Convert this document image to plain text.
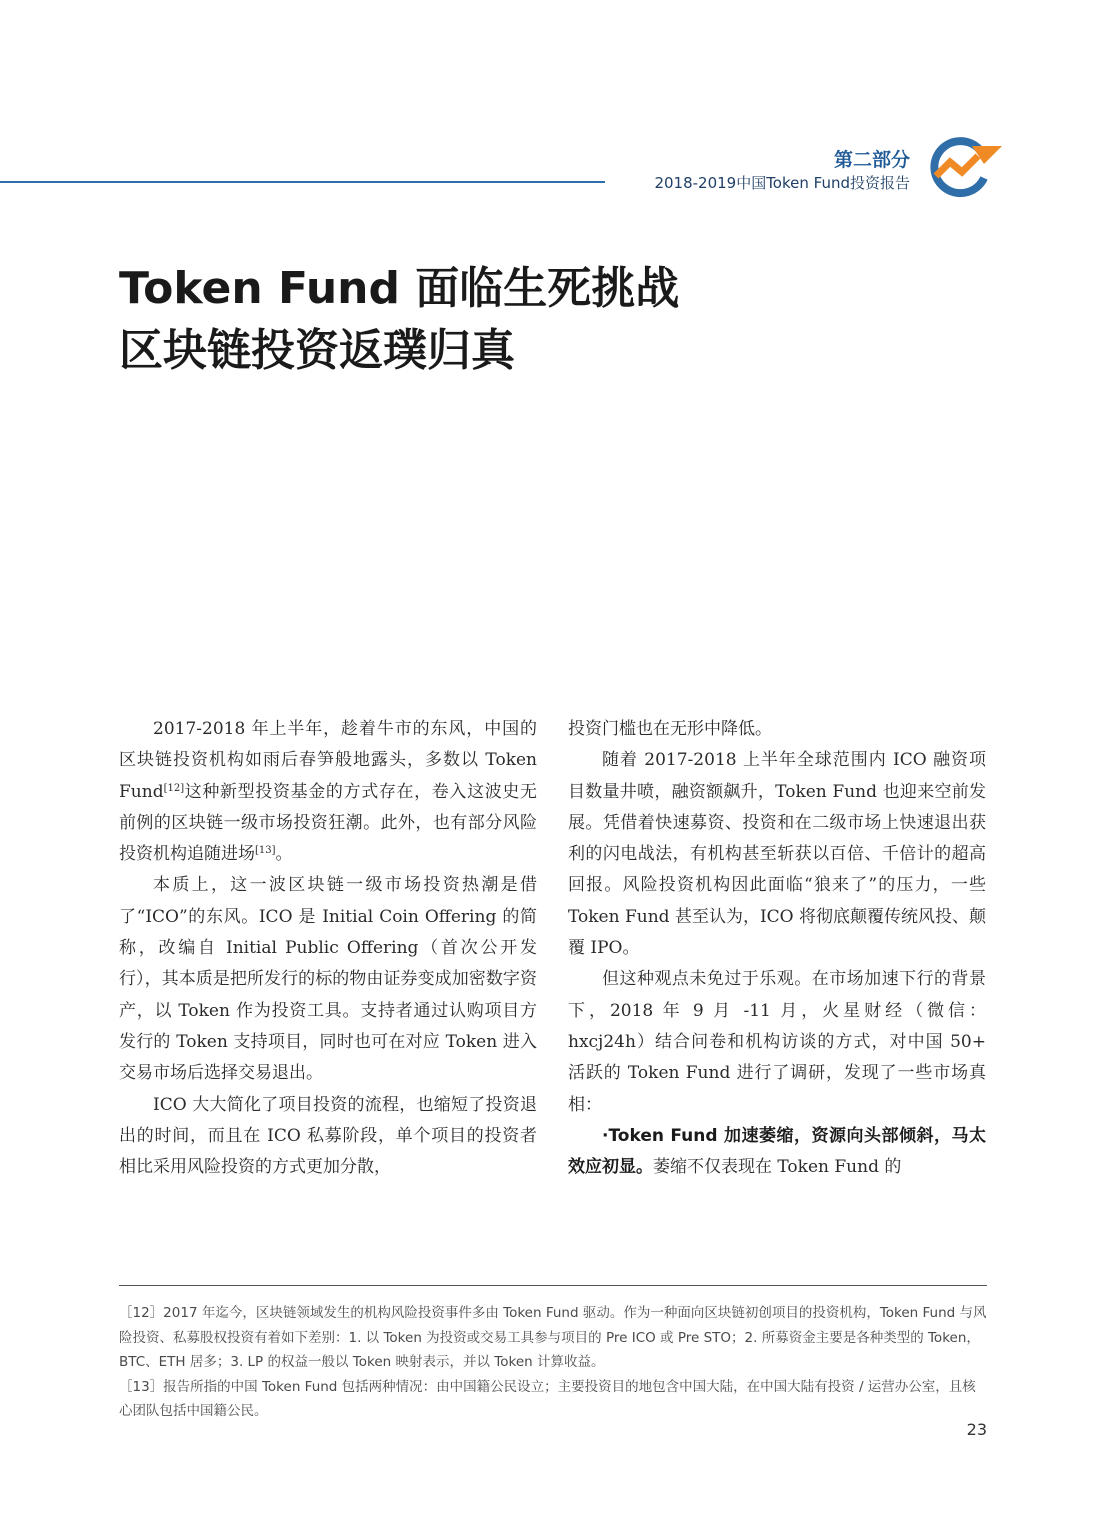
第二部分
2018-2019中国Token Fund投资报告
Token Fund 面临生死挑战
区块链投资返璞归真

2017-2018 年上半年，趁着牛市的东风，中国的区块链投资机构如雨后春笋般地露头，多数以 Token Fund[12]这种新型投资基金的方式存在，卷入这波史无前例的区块链一级市场投资狂潮。此外，也有部分风险投资机构追随进场[13]。

本质上，这一波区块链一级市场投资热潮是借了“ICO”的东风。ICO 是 Initial Coin Offering 的简称，改编自 Initial Public Offering（首次公开发行），其本质是把所发行的标的物由证券变成加密数字资产，以 Token 作为投资工具。支持者通过认购项目方发行的 Token 支持项目，同时也可在对应 Token 进入交易市场后选择交易退出。

ICO 大大简化了项目投资的流程，也缩短了投资退出的时间，而且在 ICO 私募阶段，单个项目的投资者相比采用风险投资的方式更加分散，

投资门槛也在无形中降低。

随着 2017-2018 上半年全球范围内 ICO 融资项目数量井喷，融资额飙升，Token Fund 也迎来空前发展。凭借着快速募资、投资和在二级市场上快速退出获利的闪电战法，有机构甚至斩获以百倍、千倍计的超高回报。风险投资机构因此面临“狼来了”的压力，一些 Token Fund 甚至认为，ICO 将彻底颠覆传统风投、颠覆 IPO。

但这种观点未免过于乐观。在市场加速下行的背景下，2018 年 9 月 -11 月，火星财经（微信：hxcj24h）结合问卷和机构访谈的方式，对中国 50+ 活跃的 Token Fund 进行了调研，发现了一些市场真相：

·Token Fund 加速萎缩，资源向头部倾斜，马太效应初显。萎缩不仅表现在 Token Fund 的

［12］2017 年迄今，区块链领域发生的机构风险投资事件多由 Token Fund 驱动。作为一种面向区块链初创项目的投资机构，Token Fund 与风险投资、私募股权投资有着如下差别：1. 以 Token 为投资或交易工具参与项目的 Pre ICO 或 Pre STO；2. 所募资金主要是各种类型的 Token，BTC、ETH 居多；3. LP 的权益一般以 Token 映射表示，并以 Token 计算收益。

［13］报告所指的中国 Token Fund 包括两种情况：由中国籍公民设立；主要投资目的地包含中国大陆，在中国大陆有投资 / 运营办公室，且核心团队包括中国籍公民。

23
